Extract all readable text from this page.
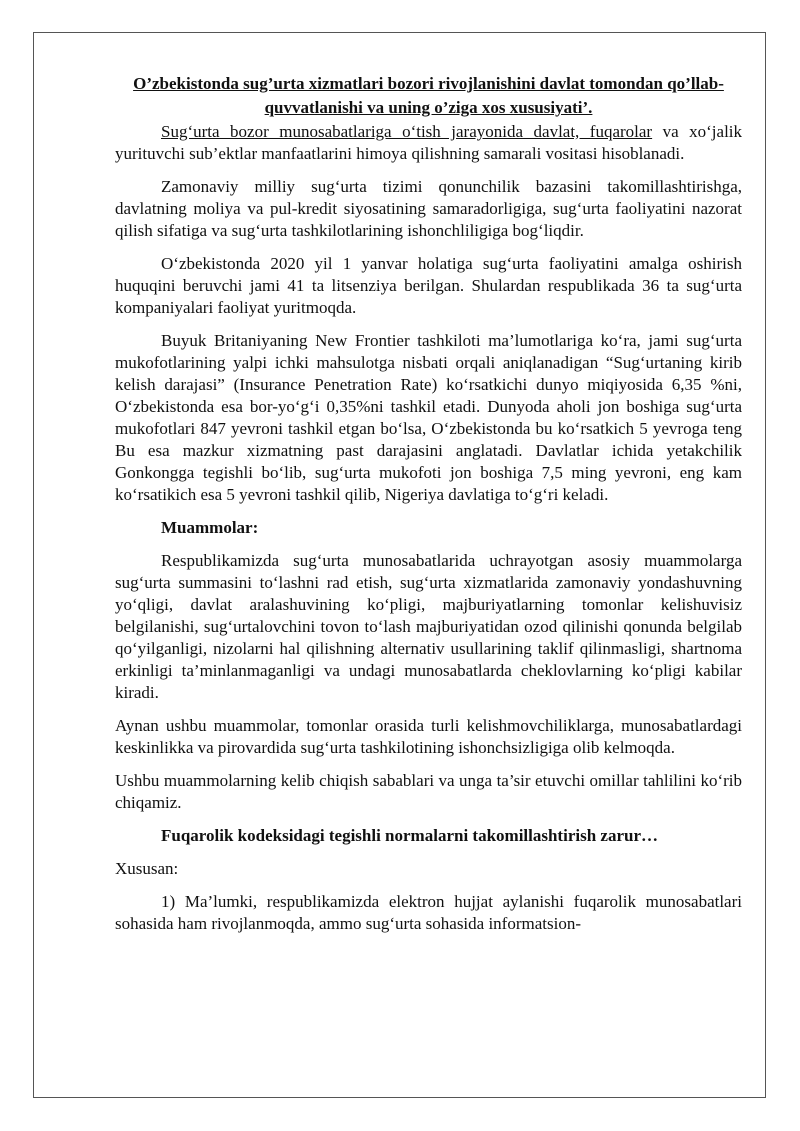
O’zbekistonda sug’urta xizmatlari bozori rivojlanishini davlat tomondan qo’llab-quvvatlanishi va uning o’ziga xos xususiyati’.

Sug‘urta bozor munosabatlariga o‘tish jarayonida davlat, fuqarolar va xo‘jalik yurituvchi sub’ektlar manfaatlarini himoya qilishning samarali vositasi hisoblanadi.

Zamonaviy milliy sug‘urta tizimi qonunchilik bazasini takomillashtirishga, davlatning moliya va pul-kredit siyosatining samaradorligiga, sug‘urta faoliyatini nazorat qilish sifatiga va sug‘urta tashkilotlarining ishonchliligiga bog‘liqdir.

O‘zbekistonda 2020 yil 1 yanvar holatiga sug‘urta faoliyatini amalga oshirish huquqini beruvchi jami 41 ta litsenziya berilgan. Shulardan respublikada 36 ta sug‘urta kompaniyalari faoliyat yuritmoqda.

Buyuk Britaniyaning New Frontier tashkiloti ma’lumotlariga ko‘ra, jami sug‘urta mukofotlarining yalpi ichki mahsulotga nisbati orqali aniqlanadigan “Sug‘urtaning kirib kelish darajasi” (Insurance Penetration Rate) ko‘rsatkichi dunyo miqiyosida 6,35 %ni, O‘zbekistonda esa bor-yo‘g‘i 0,35%ni tashkil etadi. Dunyoda aholi jon boshiga sug‘urta mukofotlari 847 yevroni tashkil etgan bo‘lsa, O‘zbekistonda bu ko‘rsatkich 5 yevroga teng Bu esa mazkur xizmatning past darajasini anglatadi. Davlatlar ichida yetakchilik Gonkongga tegishli bo‘lib, sug‘urta mukofoti jon boshiga 7,5 ming yevroni, eng kam ko‘rsatikich esa 5 yevroni tashkil qilib, Nigeriya davlatiga to‘g‘ri keladi.

Muammolar:

Respublikamizda sug‘urta munosabatlarida uchrayotgan asosiy muammolarga sug‘urta summasini to‘lashni rad etish, sug‘urta xizmatlarida zamonaviy yondashuvning yo‘qligi, davlat aralashuvining ko‘pligi, majburiyatlarning tomonlar kelishuvisiz belgilanishi, sug‘urtalovchini tovon to‘lash majburiyatidan ozod qilinishi qonunda belgilab qo‘yilganligi, nizolarni hal qilishning alternativ usullarining taklif qilinmasligi, shartnoma erkinligi ta’minlanmaganligi va undagi munosabatlarda cheklovlarning ko‘pligi kabilar kiradi.

Aynan ushbu muammolar, tomonlar orasida turli kelishmovchiliklarga, munosabatlardagi keskinlikka va pirovardida sug‘urta tashkilotining ishonchsizligiga olib kelmoqda.

Ushbu muammolarning kelib chiqish sabablari va unga ta’sir etuvchi omillar tahlilini ko‘rib chiqamiz.

Fuqarolik kodeksidagi tegishli normalarni takomillashtirish zarur…

Xususan:

1) Ma’lumki, respublikamizda elektron hujjat aylanishi fuqarolik munosabatlari sohasida ham rivojlanmoqda, ammo sug‘urta sohasida informatsion-
